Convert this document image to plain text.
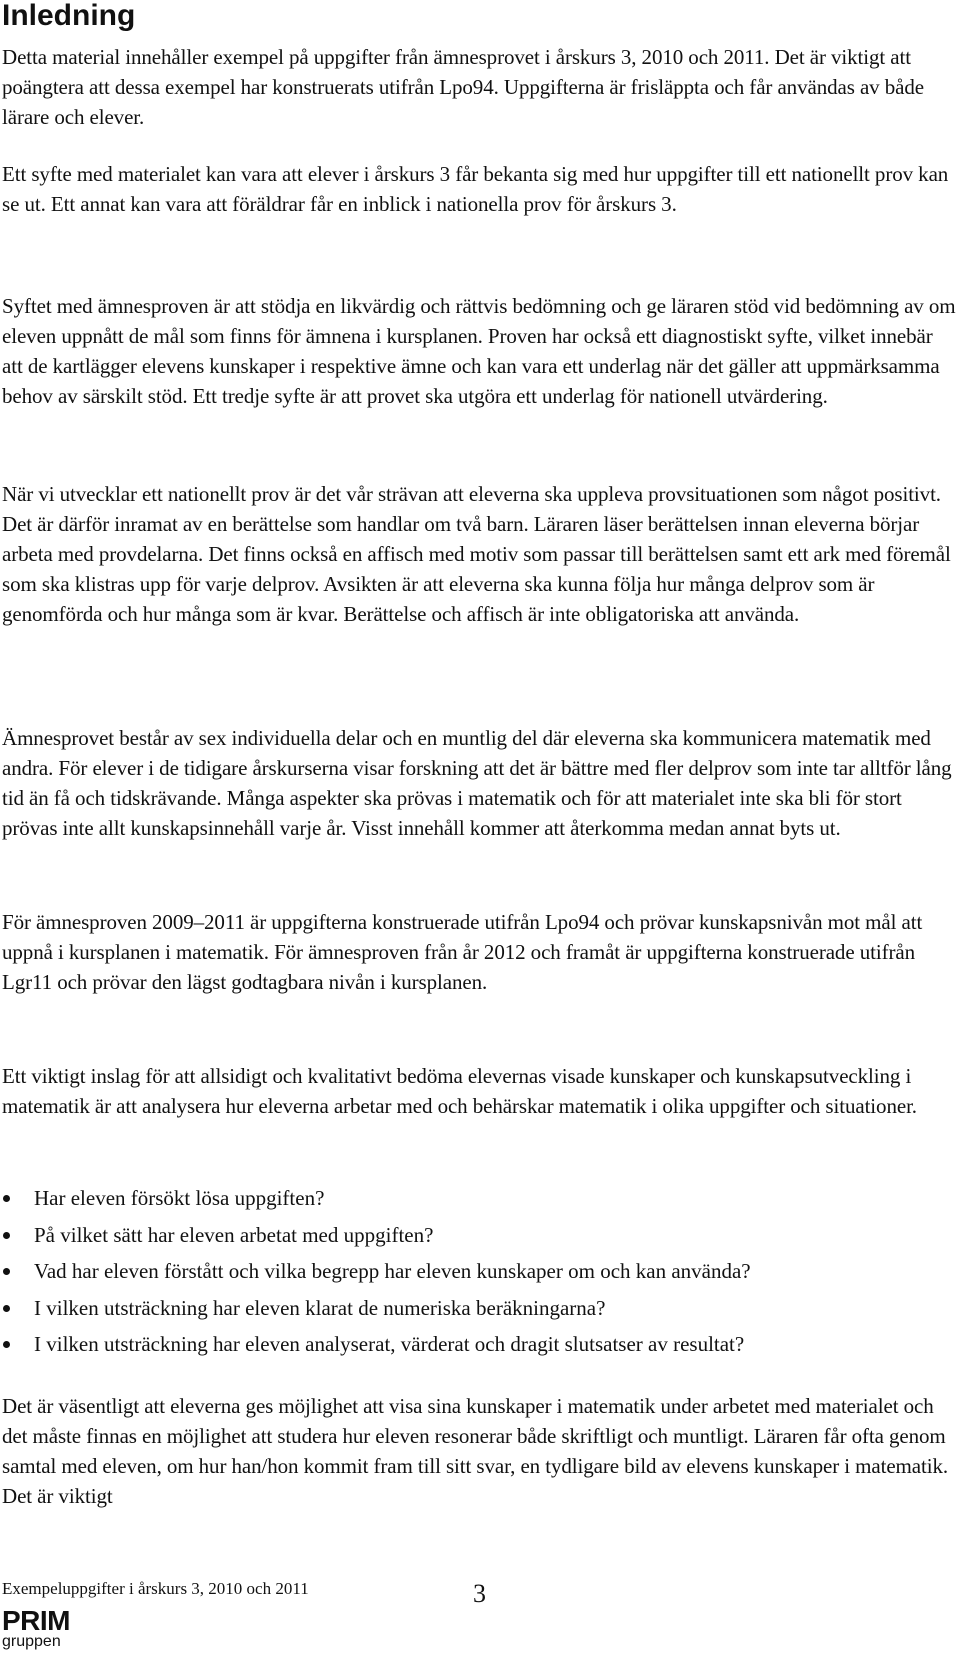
Inledning

Detta material innehåller exempel på uppgifter från ämnesprovet i årskurs 3, 2010 och 2011. Det är viktigt att poängtera att dessa exempel har konstruerats utifrån Lpo94. Uppgifterna är frisläppta och får användas av både lärare och elever.

Ett syfte med materialet kan vara att elever i årskurs 3 får bekanta sig med hur uppgifter till ett nationellt prov kan se ut. Ett annat kan vara att föräldrar får en inblick i nationella prov för årskurs 3.

Syftet med ämnesproven är att stödja en likvärdig och rättvis bedömning och ge läraren stöd vid bedömning av om eleven uppnått de mål som finns för ämnena i kursplanen. Proven har också ett diagnostiskt syfte, vilket innebär att de kartlägger elevens kunskaper i respektive ämne och kan vara ett underlag när det gäller att uppmärksamma behov av särskilt stöd. Ett tredje syfte är att provet ska utgöra ett underlag för nationell utvärdering.

När vi utvecklar ett nationellt prov är det vår strävan att eleverna ska uppleva provsituationen som något positivt. Det är därför inramat av en berättelse som handlar om två barn. Läraren läser berättelsen innan eleverna börjar arbeta med provdelarna. Det finns också en affisch med motiv som passar till berättelsen samt ett ark med föremål som ska klistras upp för varje delprov. Avsikten är att eleverna ska kunna följa hur många delprov som är genomförda och hur många som är kvar. Berättelse och affisch är inte obligatoriska att använda.

Ämnesprovet består av sex individuella delar och en muntlig del där eleverna ska kommunicera matematik med andra. För elever i de tidigare årskurserna visar forskning att det är bättre med fler delprov som inte tar alltför lång tid än få och tidskrävande. Många aspekter ska prövas i matematik och för att materialet inte ska bli för stort prövas inte allt kunskapsinnehåll varje år. Visst innehåll kommer att återkomma medan annat byts ut.

För ämnesproven 2009–2011 är uppgifterna konstruerade utifrån Lpo94 och prövar kunskapsnivån mot mål att uppnå i kursplanen i matematik. För ämnesproven från år 2012 och framåt är uppgifterna konstruerade utifrån Lgr11 och prövar den lägst godtagbara nivån i kursplanen.

Ett viktigt inslag för att allsidigt och kvalitativt bedöma elevernas visade kunskaper och kunskapsutveckling i matematik är att analysera hur eleverna arbetar med och behärskar matematik i olika uppgifter och situationer.

Har eleven försökt lösa uppgiften?
På vilket sätt har eleven arbetat med uppgiften?
Vad har eleven förstått och vilka begrepp har eleven kunskaper om och kan använda?
I vilken utsträckning har eleven klarat de numeriska beräkningarna?
I vilken utsträckning har eleven analyserat, värderat och dragit slutsatser av resultat?

Det är väsentligt att eleverna ges möjlighet att visa sina kunskaper i matematik under arbetet med materialet och det måste finnas en möjlighet att studera hur eleven resonerar både skriftligt och muntligt. Läraren får ofta genom samtal med eleven, om hur han/hon kommit fram till sitt svar, en tydligare bild av elevens kunskaper i matematik. Det är viktigt

Exempeluppgifter i årskurs 3, 2010 och 2011	3
PRIM
gruppen
